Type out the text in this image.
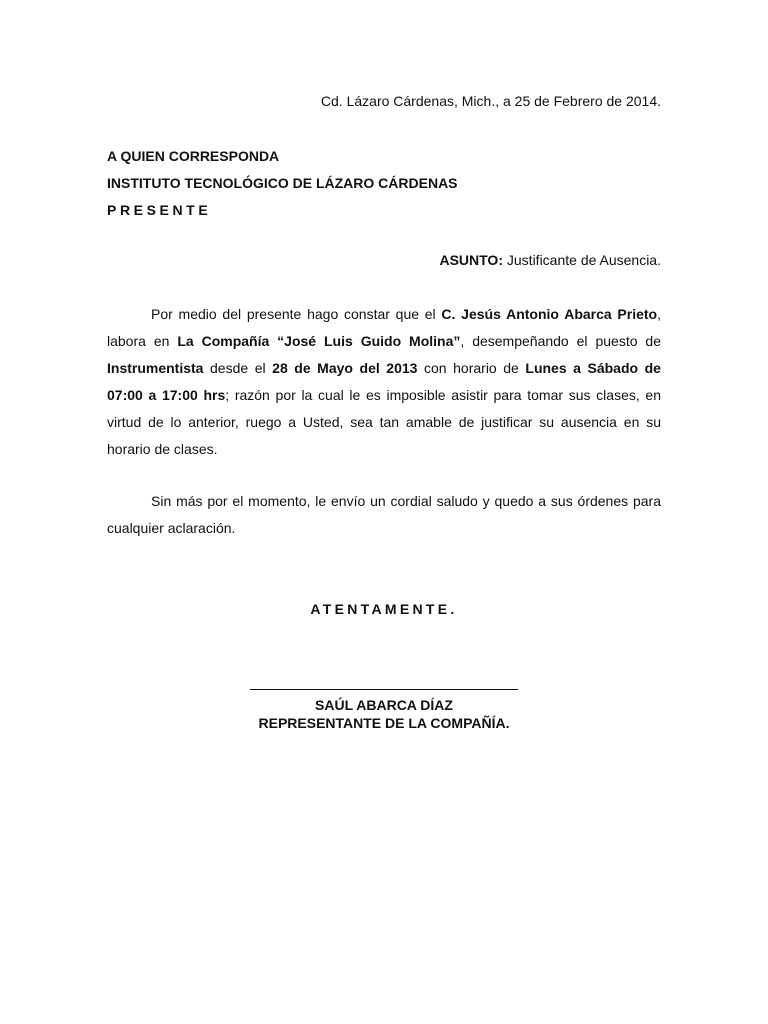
Cd. Lázaro Cárdenas, Mich., a 25 de Febrero de 2014.
A QUIEN CORRESPONDA
INSTITUTO TECNOLÓGICO DE LÁZARO CÁRDENAS
PRESENTE
ASUNTO: Justificante de Ausencia.

Por medio del presente hago constar que el C. Jesús Antonio Abarca Prieto, labora en La Compañía “José Luis Guido Molina”, desempeñando el puesto de Instrumentista desde el 28 de Mayo del 2013 con horario de Lunes a Sábado de 07:00 a 17:00 hrs; razón por la cual le es imposible asistir para tomar sus clases, en virtud de lo anterior, ruego a Usted, sea tan amable de justificar su ausencia en su horario de clases.

Sin más por el momento, le envío un cordial saludo y quedo a sus órdenes para cualquier aclaración.

ATENTAMENTE.
SAÚL ABARCA DÍAZ
REPRESENTANTE DE LA COMPAÑÍA.
